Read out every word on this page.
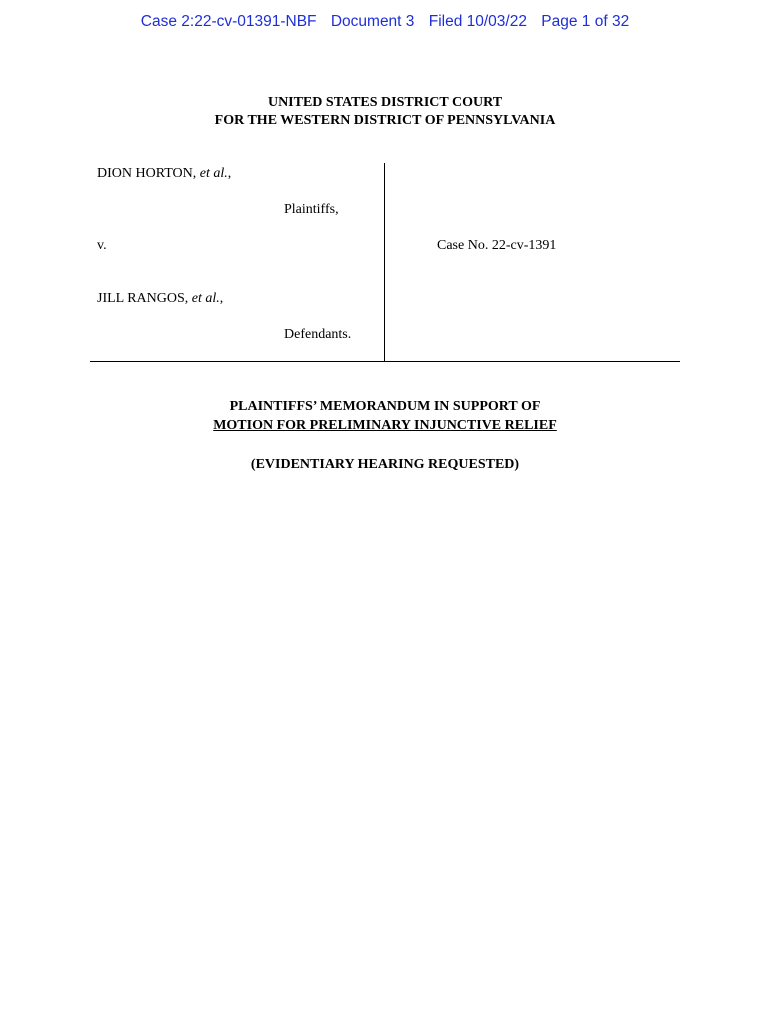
Case 2:22-cv-01391-NBF Document 3 Filed 10/03/22 Page 1 of 32
UNITED STATES DISTRICT COURT
FOR THE WESTERN DISTRICT OF PENNSYLVANIA
DION HORTON, et al.,
Plaintiffs,
v.	Case No. 22-cv-1391
JILL RANGOS, et al.,
Defendants.
PLAINTIFFS’ MEMORANDUM IN SUPPORT OF
MOTION FOR PRELIMINARY INJUNCTIVE RELIEF
(EVIDENTIARY HEARING REQUESTED)
